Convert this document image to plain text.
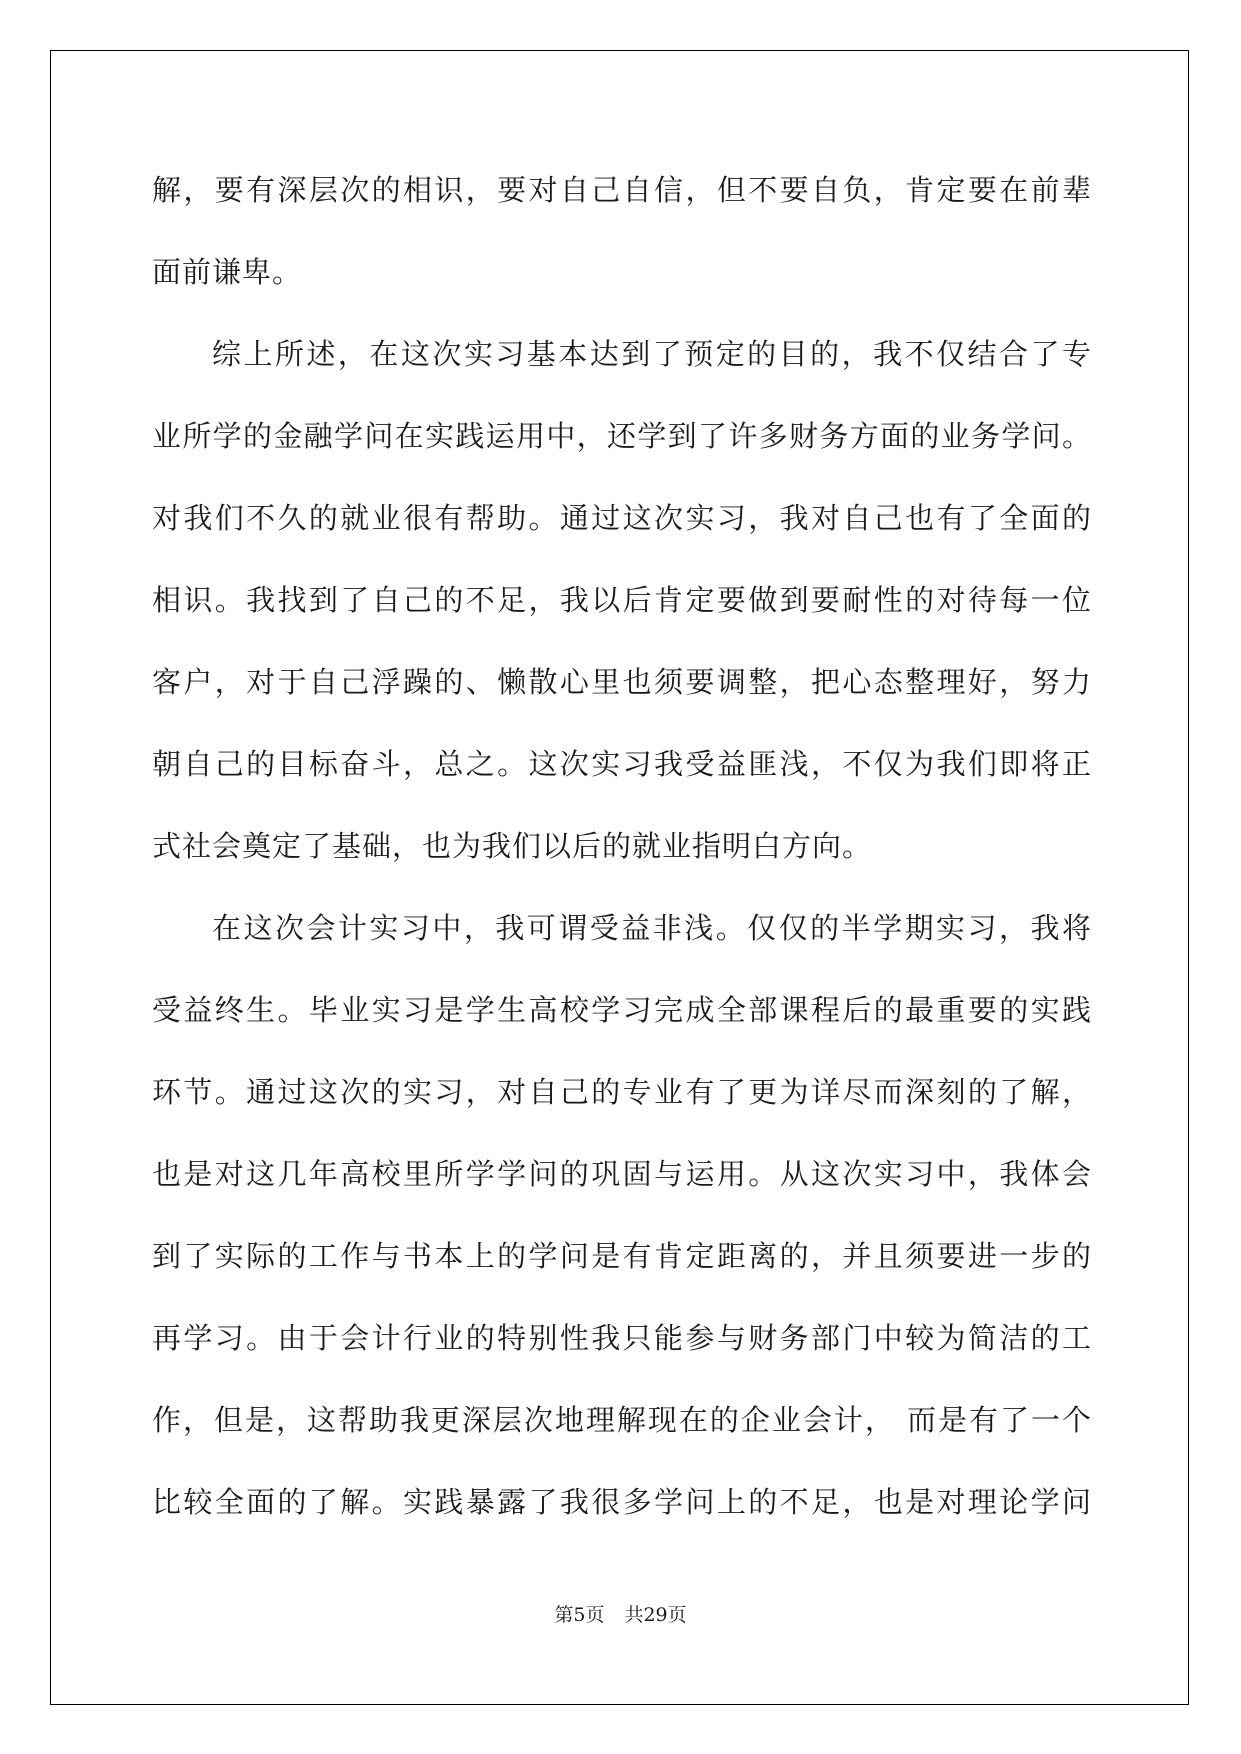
解，要有深层次的相识，要对自己自信，但不要自负，肯定要在前辈
面前谦卑。
综上所述，在这次实习基本达到了预定的目的，我不仅结合了专
业所学的金融学问在实践运用中，还学到了许多财务方面的业务学问。
对我们不久的就业很有帮助。通过这次实习，我对自己也有了全面的
相识。我找到了自己的不足，我以后肯定要做到要耐性的对待每一位
客户，对于自己浮躁的、懒散心里也须要调整，把心态整理好，努力
朝自己的目标奋斗，总之。这次实习我受益匪浅，不仅为我们即将正
式社会奠定了基础，也为我们以后的就业指明白方向。
在这次会计实习中，我可谓受益非浅。仅仅的半学期实习，我将
受益终生。毕业实习是学生高校学习完成全部课程后的最重要的实践
环节。通过这次的实习，对自己的专业有了更为详尽而深刻的了解，
也是对这几年高校里所学学问的巩固与运用。从这次实习中，我体会
到了实际的工作与书本上的学问是有肯定距离的，并且须要进一步的
再学习。由于会计行业的特别性我只能参与财务部门中较为简洁的工
作，但是，这帮助我更深层次地理解现在的企业会计， 而是有了一个
比较全面的了解。实践暴露了我很多学问上的不足，也是对理论学问
第5页 共29页
